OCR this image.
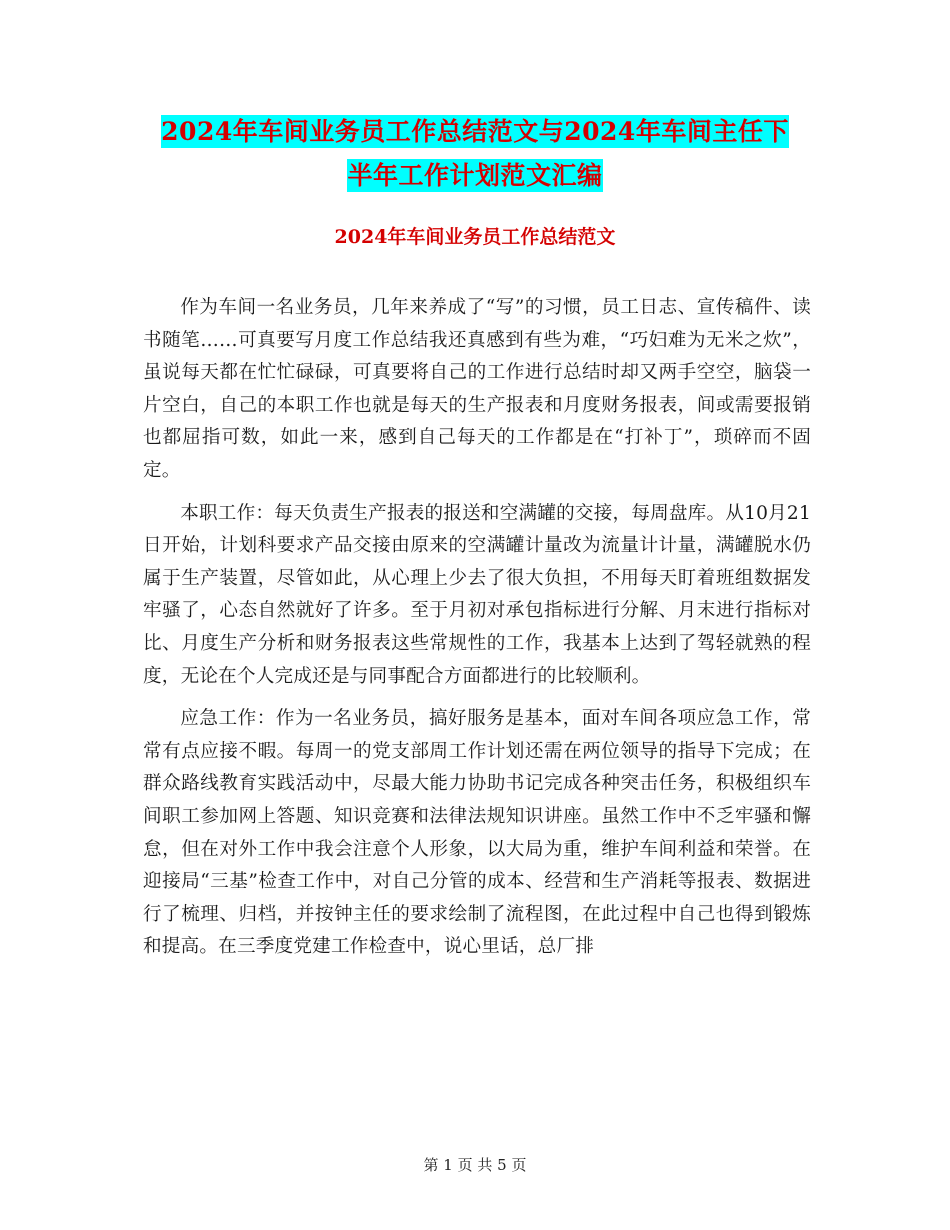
2024年车间业务员工作总结范文与2024年车间主任下
半年工作计划范文汇编
2024年车间业务员工作总结范文

作为车间一名业务员，几年来养成了“写”的习惯，员工日志、宣传稿件、读书随笔……可真要写月度工作总结我还真感到有些为难，“巧妇难为无米之炊”，虽说每天都在忙忙碌碌，可真要将自己的工作进行总结时却又两手空空，脑袋一片空白，自己的本职工作也就是每天的生产报表和月度财务报表，间或需要报销也都屈指可数，如此一来，感到自己每天的工作都是在“打补丁”，琐碎而不固定。

本职工作：每天负责生产报表的报送和空满罐的交接，每周盘库。从10月21日开始，计划科要求产品交接由原来的空满罐计量改为流量计计量，满罐脱水仍属于生产装置，尽管如此，从心理上少去了很大负担，不用每天盯着班组数据发牢骚了，心态自然就好了许多。至于月初对承包指标进行分解、月末进行指标对比、月度生产分析和财务报表这些常规性的工作，我基本上达到了驾轻就熟的程度，无论在个人完成还是与同事配合方面都进行的比较顺利。

应急工作：作为一名业务员，搞好服务是基本，面对车间各项应急工作，常常有点应接不暇。每周一的党支部周工作计划还需在两位领导的指导下完成；在群众路线教育实践活动中，尽最大能力协助书记完成各种突击任务，积极组织车间职工参加网上答题、知识竞赛和法律法规知识讲座。虽然工作中不乏牢骚和懈怠，但在对外工作中我会注意个人形象，以大局为重，维护车间利益和荣誉。在迎接局“三基”检查工作中，对自己分管的成本、经营和生产消耗等报表、数据进行了梳理、归档，并按钟主任的要求绘制了流程图，在此过程中自己也得到锻炼和提高。在三季度党建工作检查中，说心里话，总厂排

第 1 页 共 5 页
